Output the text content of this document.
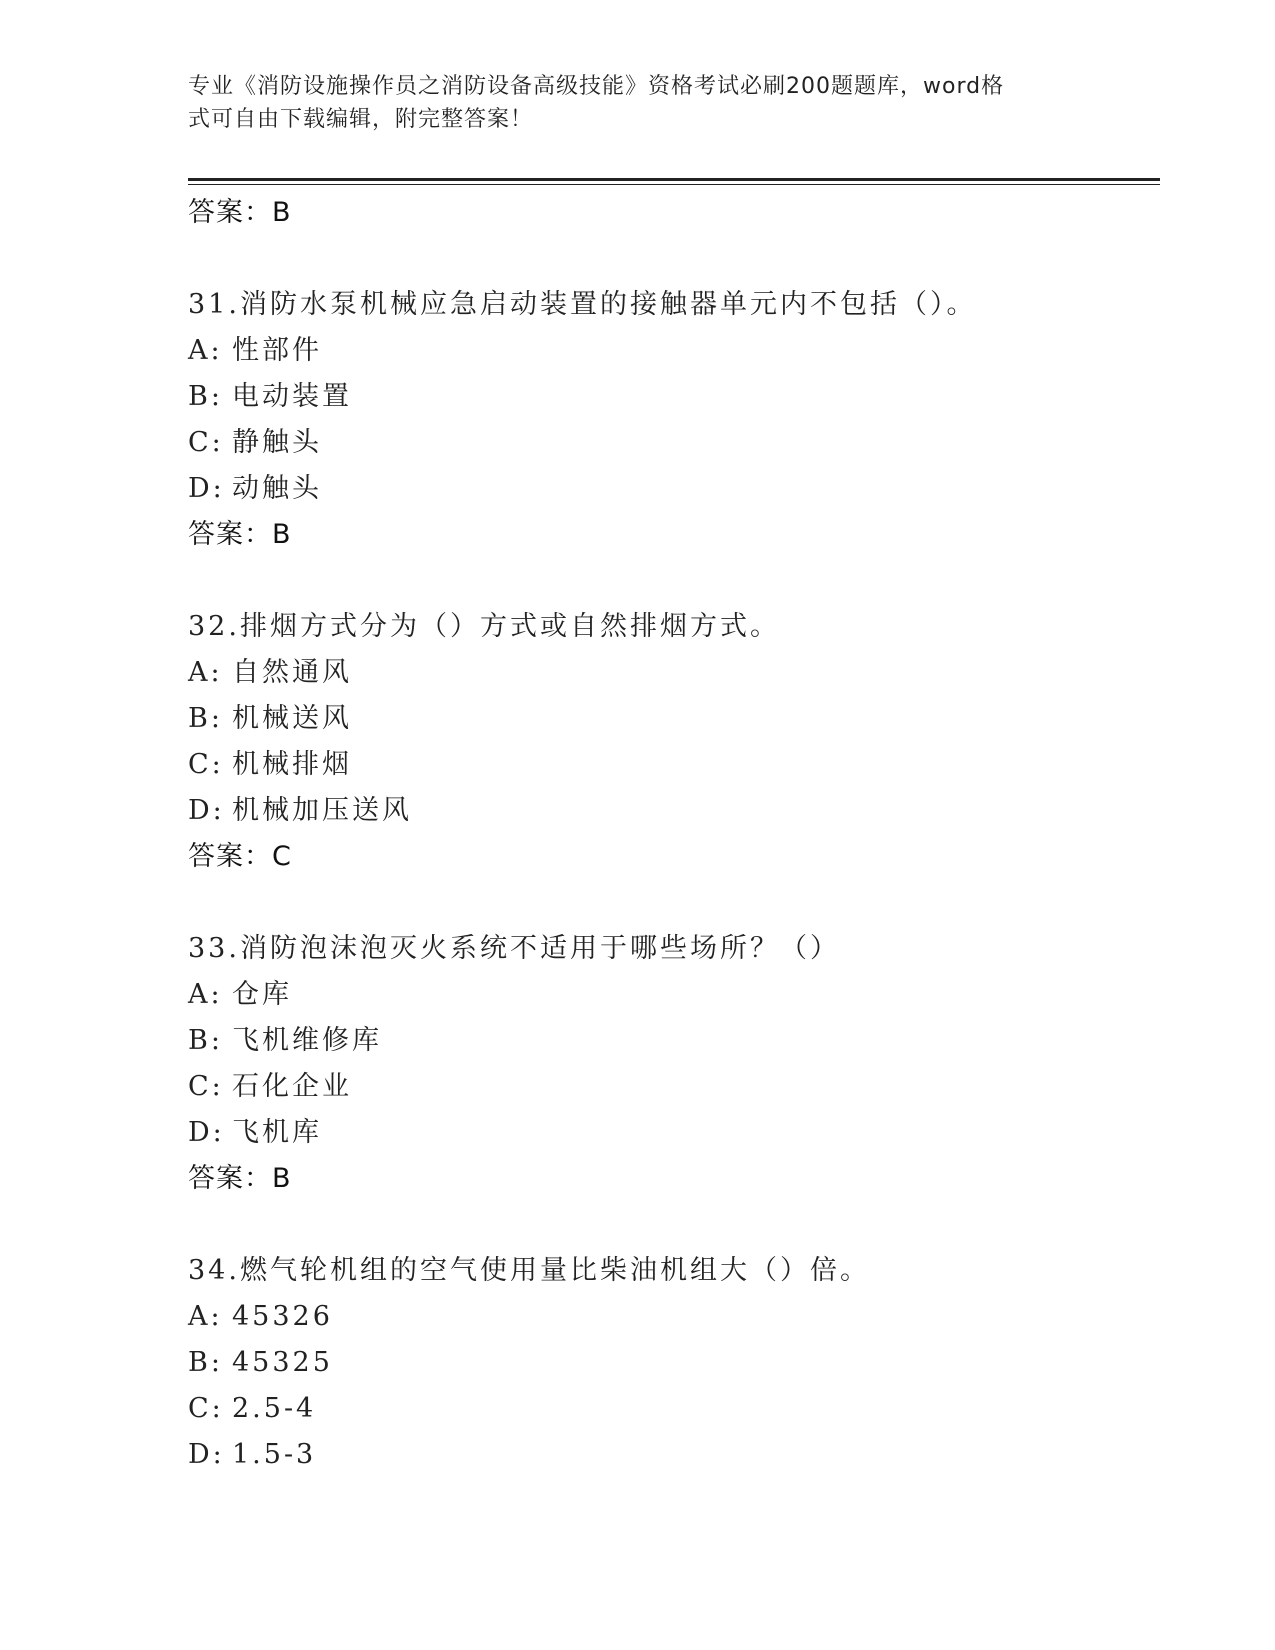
专业《消防设施操作员之消防设备高级技能》资格考试必刷200题题库，word格
式可自由下载编辑，附完整答案！
答案：B
31.消防水泵机械应急启动装置的接触器单元内不包括（）。
A: 性部件
B: 电动装置
C: 静触头
D: 动触头
答案：B
32.排烟方式分为（）方式或自然排烟方式。
A: 自然通风
B: 机械送风
C: 机械排烟
D: 机械加压送风
答案：C
33.消防泡沫泡灭火系统不适用于哪些场所？（）
A: 仓库
B: 飞机维修库
C: 石化企业
D: 飞机库
答案：B
34.燃气轮机组的空气使用量比柴油机组大（）倍。
A: 45326
B: 45325
C: 2.5-4
D: 1.5-3
